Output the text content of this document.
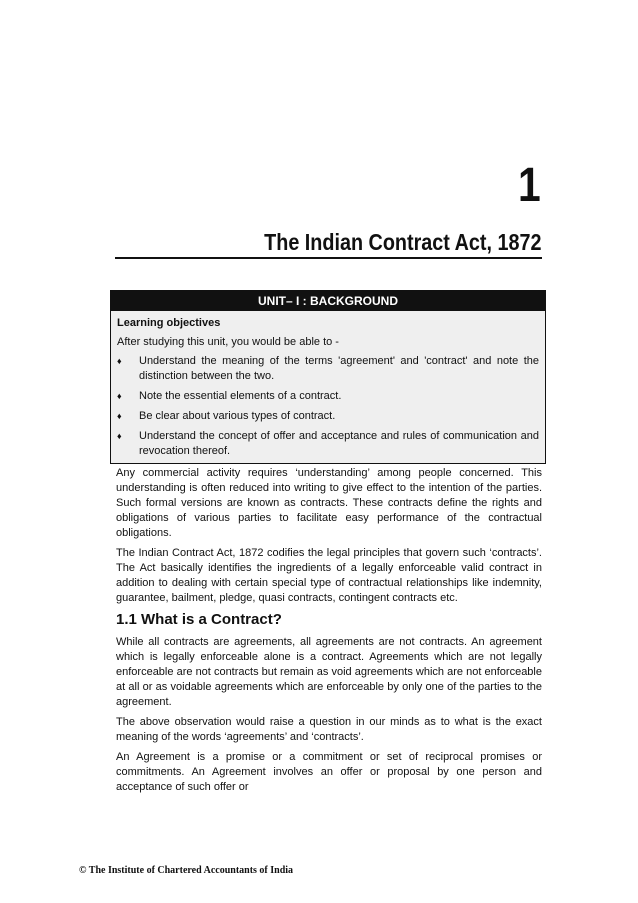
1
The Indian Contract Act, 1872
UNIT– I : BACKGROUND
Learning objectives
After studying this unit, you would be able to -
♦	Understand the meaning of the terms 'agreement' and 'contract' and note the distinction between the two.
♦	Note the essential elements of a contract.
♦	Be clear about various types of contract.
♦	Understand the concept of offer and acceptance and rules of communication and revocation thereof.

Any commercial activity requires ‘understanding’ among people concerned. This understanding is often reduced into writing to give effect to the intention of the parties. Such formal versions are known as contracts. These contracts define the rights and obligations of various parties to facilitate easy performance of the contractual obligations.

The Indian Contract Act, 1872 codifies the legal principles that govern such ‘contracts’. The Act basically identifies the ingredients of a legally enforceable valid contract in addition to dealing with certain special type of contractual relationships like indemnity, guarantee, bailment, pledge, quasi contracts, contingent contracts etc.

1.1 What is a Contract?

While all contracts are agreements, all agreements are not contracts. An agreement which is legally enforceable alone is a contract. Agreements which are not legally enforceable are not contracts but remain as void agreements which are not enforceable at all or as voidable agreements which are enforceable by only one of the parties to the agreement.

The above observation would raise a question in our minds as to what is the exact meaning of the words ‘agreements’ and ‘contracts’.

An Agreement is a promise or a commitment or set of reciprocal promises or commitments. An Agreement involves an offer or proposal by one person and acceptance of such offer or

© The Institute of Chartered Accountants of India
